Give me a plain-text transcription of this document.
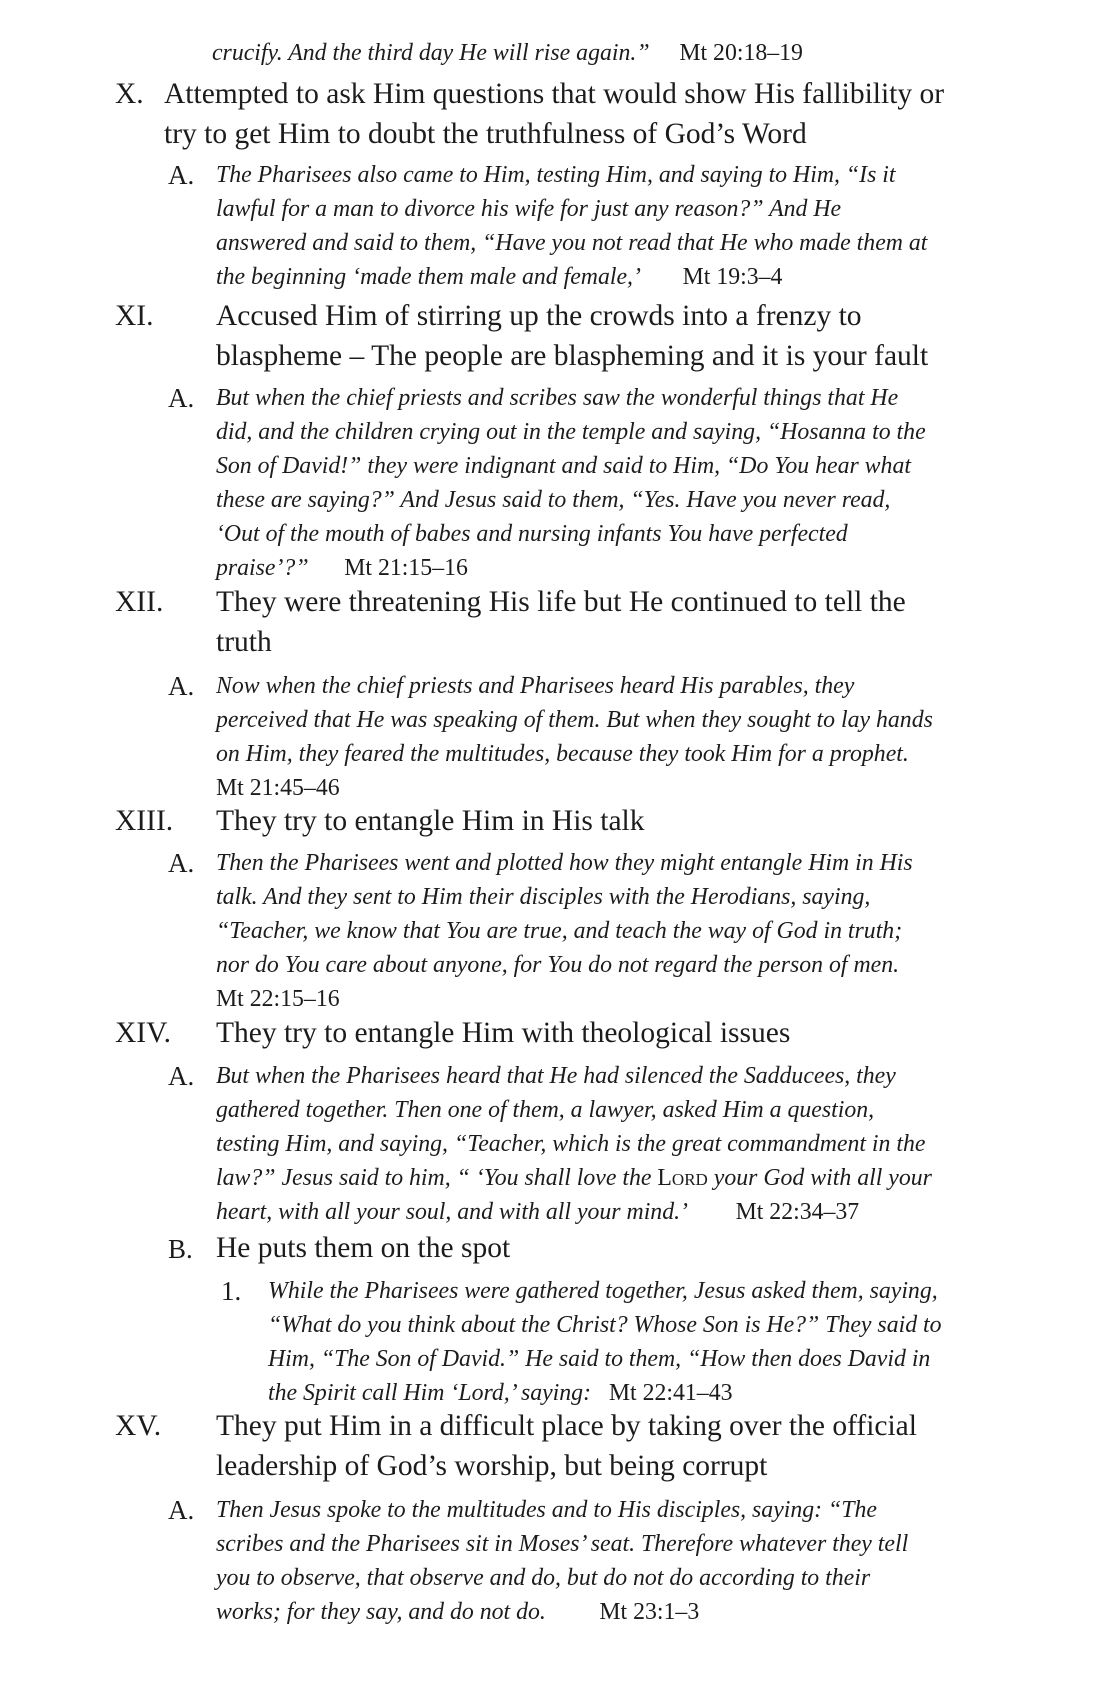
crucify. And the third day He will rise again.” Mt 20:18–19

X. Attempted to ask Him questions that would show His fallibility or

try to get Him to doubt the truthfulness of God’s Word

A. The Pharisees also came to Him, testing Him, and saying to Him, “Is it

lawful for a man to divorce his wife for just any reason?” And He

answered and said to them, “Have you not read that He who made them at

the beginning ‘made them male and female,’ Mt 19:3–4

XI. Accused Him of stirring up the crowds into a frenzy to

blaspheme – The people are blaspheming and it is your fault

A. But when the chief priests and scribes saw the wonderful things that He

did, and the children crying out in the temple and saying, “Hosanna to the

Son of David!” they were indignant and said to Him, “Do You hear what

these are saying?” And Jesus said to them, “Yes. Have you never read,

‘Out of the mouth of babes and nursing infants You have perfected

praise’?” Mt 21:15–16

XII. They were threatening His life but He continued to tell the

truth

A. Now when the chief priests and Pharisees heard His parables, they

perceived that He was speaking of them. But when they sought to lay hands

on Him, they feared the multitudes, because they took Him for a prophet.

Mt 21:45–46

XIII. They try to entangle Him in His talk

A. Then the Pharisees went and plotted how they might entangle Him in His

talk. And they sent to Him their disciples with the Herodians, saying,

“Teacher, we know that You are true, and teach the way of God in truth;

nor do You care about anyone, for You do not regard the person of men.

Mt 22:15–16

XIV. They try to entangle Him with theological issues

A. But when the Pharisees heard that He had silenced the Sadducees, they

gathered together. Then one of them, a lawyer, asked Him a question,

testing Him, and saying, “Teacher, which is the great commandment in the

law?” Jesus said to him, “ ‘You shall love the Lord your God with all your

heart, with all your soul, and with all your mind.’ Mt 22:34–37

B. He puts them on the spot

1. While the Pharisees were gathered together, Jesus asked them, saying,

“What do you think about the Christ? Whose Son is He?” They said to

Him, “The Son of David.” He said to them, “How then does David in

the Spirit call Him ‘Lord,’ saying: Mt 22:41–43

XV. They put Him in a difficult place by taking over the official

leadership of God’s worship, but being corrupt

A. Then Jesus spoke to the multitudes and to His disciples, saying: “The

scribes and the Pharisees sit in Moses’ seat. Therefore whatever they tell

you to observe, that observe and do, but do not do according to their

works; for they say, and do not do. Mt 23:1–3
